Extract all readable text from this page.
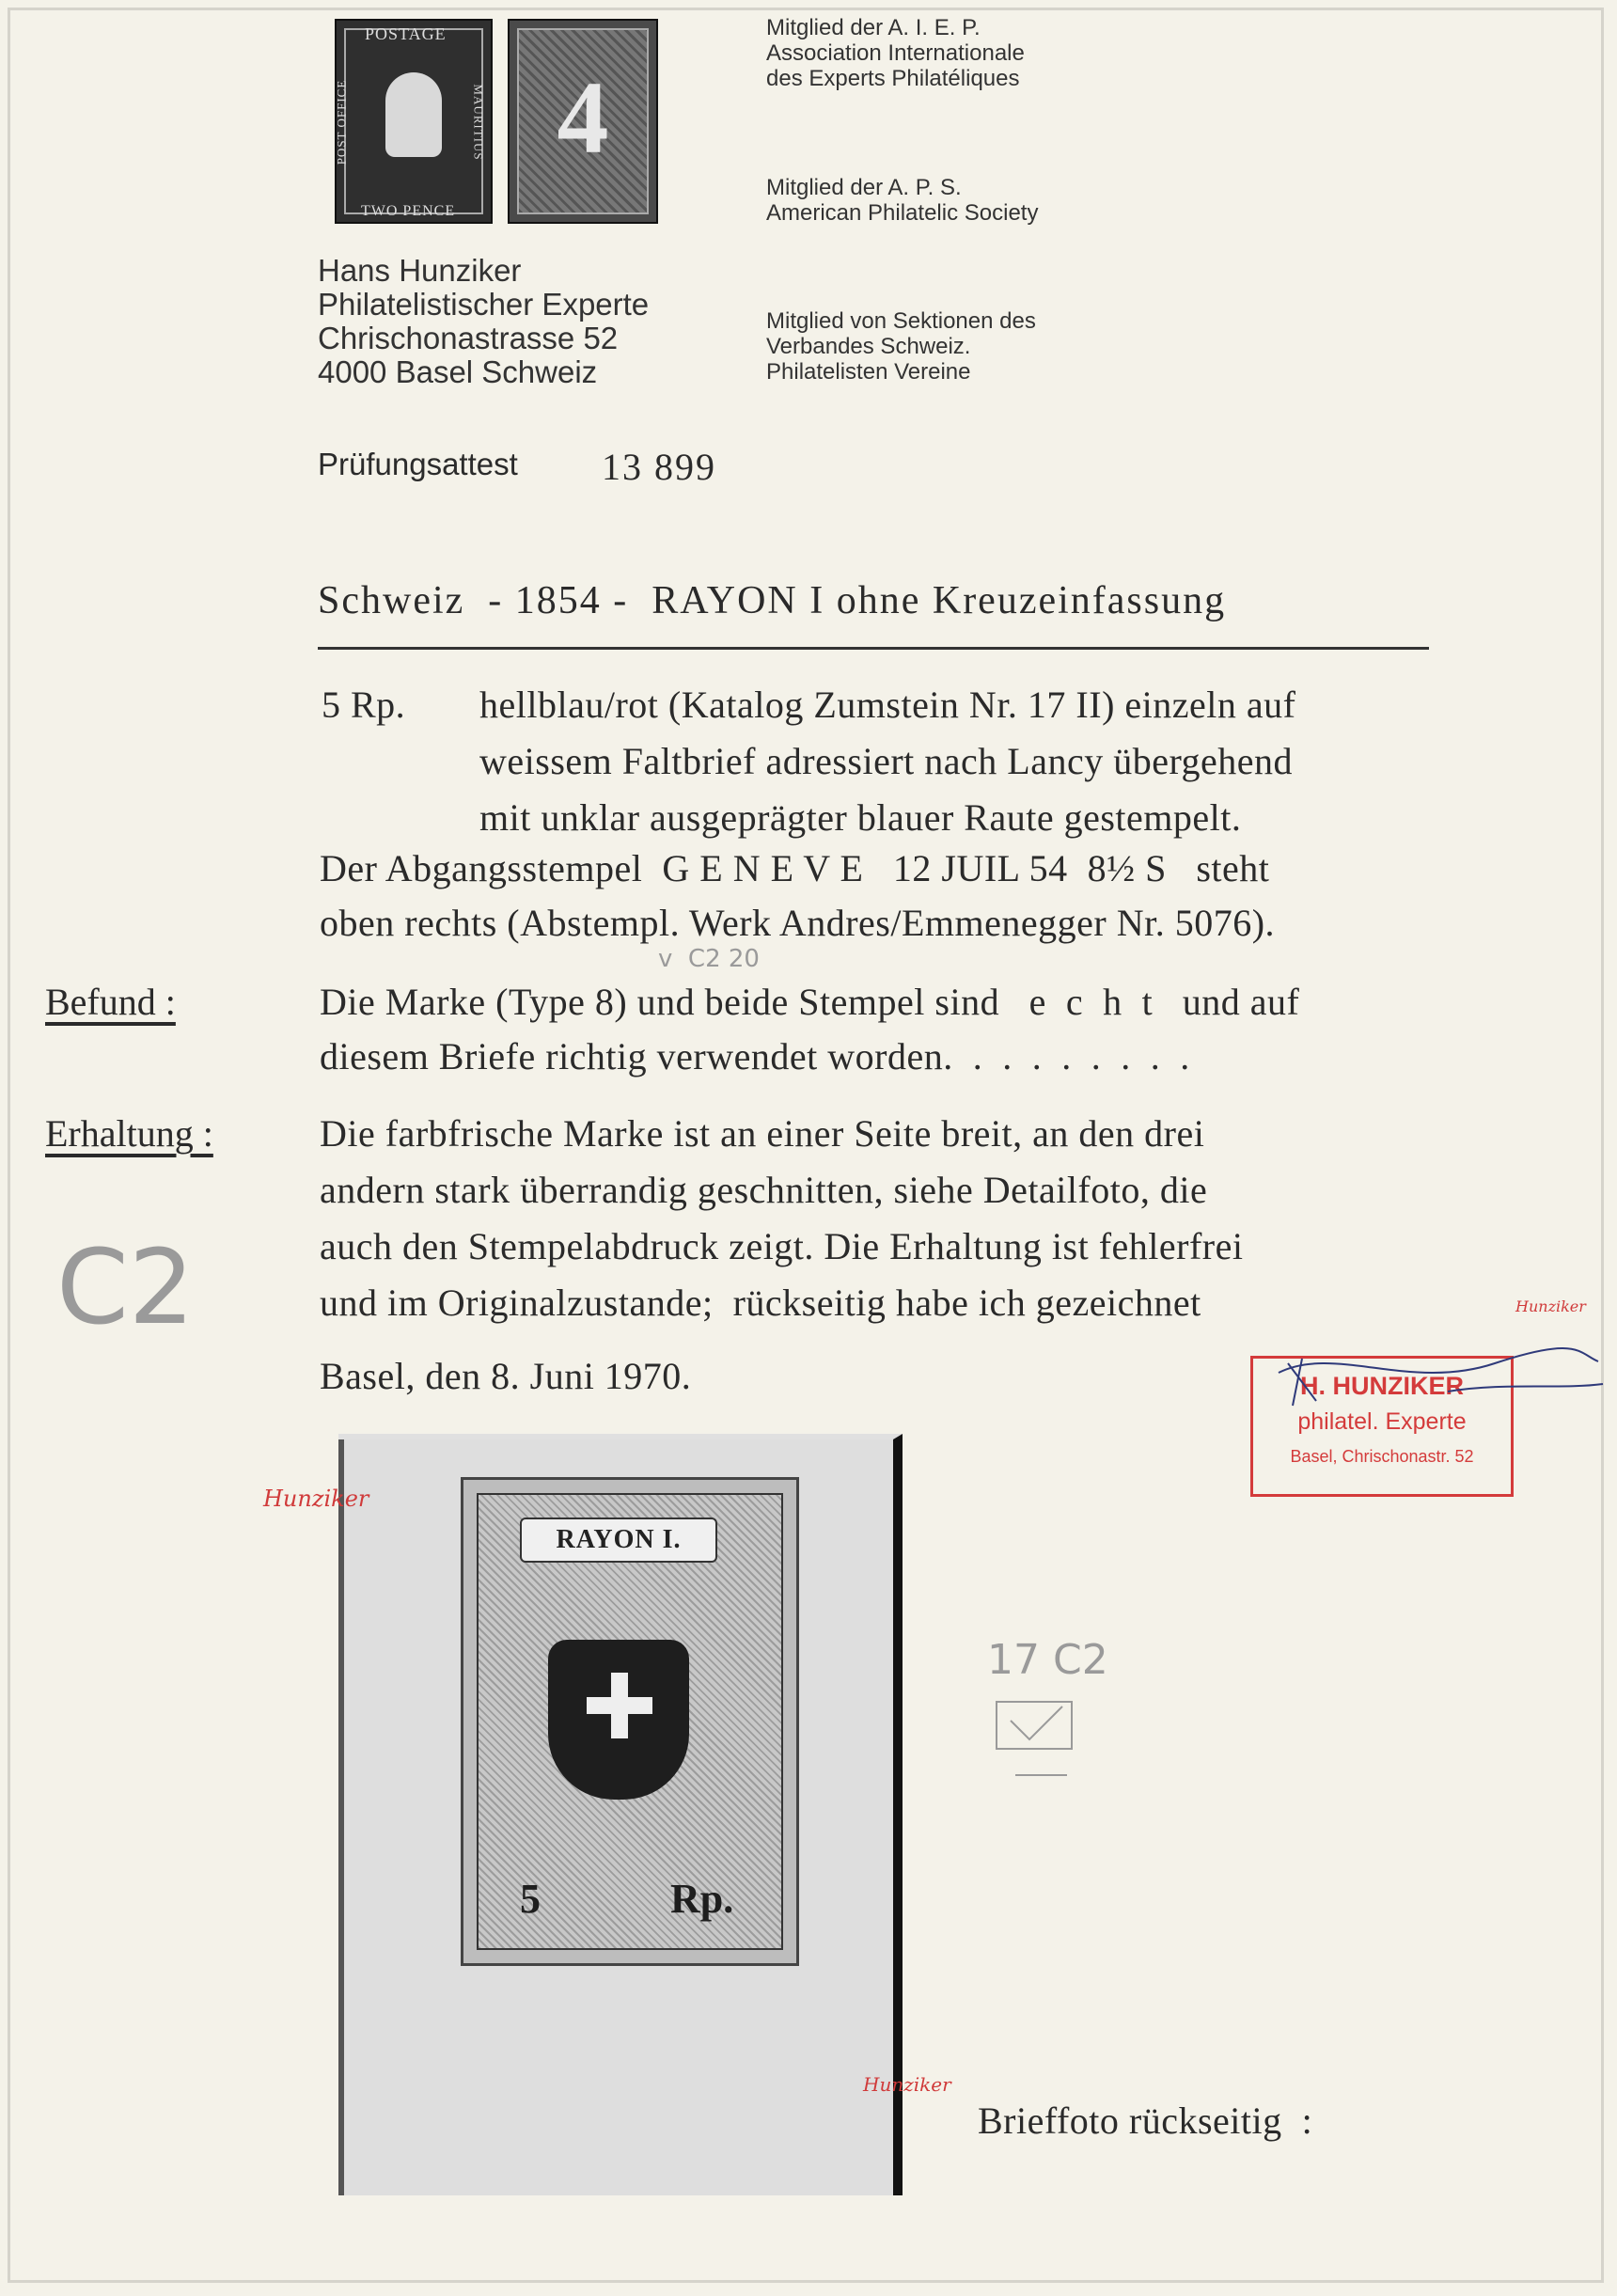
POSTAGE
TWO PENCE
POST OFFICE	MAURITIUS 4
Hans Hunziker
Philatelistischer Experte
Chrischonastrasse 52
4000 Basel Schweiz
Mitglied der A. I. E. P.
Association Internationale
des Experts Philatéliques
Mitglied der A. P. S.
American Philatelic Society
Mitglied von Sektionen des
Verbandes Schweiz.
Philatelisten Vereine
Prüfungsattest 13 899
Schweiz  - 1854 -  RAYON I ohne Kreuzeinfassung
5 Rp. hellblau/rot (Katalog Zumstein Nr. 17 II) einzeln auf
weissem Faltbrief adressiert nach Lancy übergehend
mit unklar ausgeprägter blauer Raute gestempelt.
Der Abgangsstempel  G E N E V E   12 JUIL 54  8½ S   steht
oben rechts (Abstempl. Werk Andres/Emmenegger Nr. 5076).
v  C2 20
Befund :	Die Marke (Type 8) und beide Stempel sind   e  c  h  t   und auf
diesem Briefe richtig verwendet worden.  .  .  .  .  .  .  .  .
Erhaltung :	Die farbfrische Marke ist an einer Seite breit, an den drei
andern stark überrandig geschnitten, siehe Detailfoto, die
auch den Stempelabdruck zeigt. Die Erhaltung ist fehlerfrei
und im Originalzustande;  rückseitig habe ich gezeichnet	Hunziker
C2
Basel, den 8. Juni 1970.	H. HUNZIKER
philatel. Experte
Basel, Chrischonastr. 52
RAYON I.
5	Rp.
Hunziker
17 C2
Hunziker
Brieffoto rückseitig  :
